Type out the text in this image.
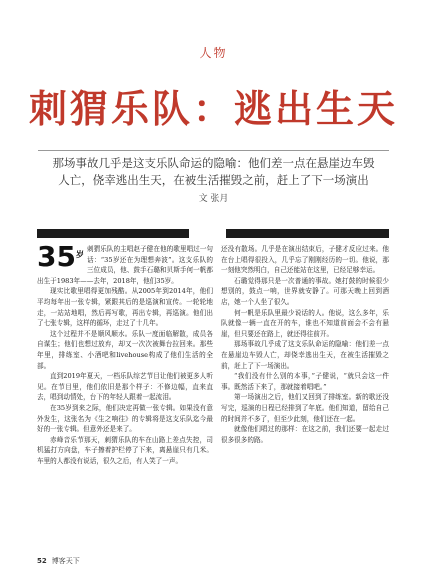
人物
刺猬乐队：逃出生天
那场事故几乎是这支乐队命运的隐喻：他们差一点在悬崖边车毁人亡，侥幸逃出生天，在被生活摧毁之前，赶上了下一场演出
文 张月
$35^岁$

刺猬乐队的主唱赵子健在他的歌里唱过一句话：“35岁还在为理想奔波”。这支乐队的三位成员，他、鼓手石璐和贝斯手何一帆都出生于1983年——去年，2018年，他们35岁。

现实比歌里唱得更加残酷。从2005年到2014年，他们平均每年出一张专辑，紧跟其后的是巡演和宣传。一轮轮地走，一站站地唱，然后再写歌，再出专辑，再巡演。他们出了七张专辑，这样的循环，走过了十几年。

这个过程并不是顺风顺水。乐队一度面临解散，成员各自谋生；他们也想过放弃，却又一次次被舞台拉回来。那些年里，排练室、小酒吧和livehouse构成了他们生活的全部。

直到2019年夏天，一档乐队综艺节目让他们被更多人听见。在节目里，他们依旧是那个样子：不修边幅，直来直去，唱到动情处，台下的年轻人跟着一起流泪。

在35岁到来之际，他们决定再做一张专辑。如果没有意外发生，这张名为《生之响往》的专辑将是这支乐队迄今最好的一张专辑。但意外还是来了。

赤峰音乐节那天，刺猬乐队的车在山路上差点失控，司机猛打方向盘，车子擦着护栏停了下来，离悬崖只有几米。车里的人都没有说话，很久之后，有人笑了一声。

还没有散场。几乎是在演出结束后，子健才反应过来。他在台上唱得很投入，几乎忘了刚刚经历的一切。他说，那一刻他突然明白，自己还能站在这里，已经足够幸运。

石璐觉得那只是一次普通的事故。她打鼓的时候很少想别的，鼓点一响，世界就安静了。可那天晚上回到酒店，她一个人坐了很久。

何一帆是乐队里最少说话的人。他说，这么多年，乐队就像一辆一直在开的车，谁也不知道前面会不会有悬崖，但只要还在路上，就还得往前开。

那场事故几乎成了这支乐队命运的隐喻：他们差一点在悬崖边车毁人亡，却侥幸逃出生天，在被生活摧毁之前，赶上了下一场演出。

“我们没有什么别的本事，”子健说，“就只会这一件事。既然活下来了，那就接着唱吧。”

第一场演出之后，他们又回到了排练室。新的歌还没写完，巡演的日程已经排到了年底。他们知道，留给自己的时间并不多了，但至少此刻，他们还在一起。

就像他们唱过的那样：在这之前，我们还要一起走过很多很多的路。

52 博客天下
